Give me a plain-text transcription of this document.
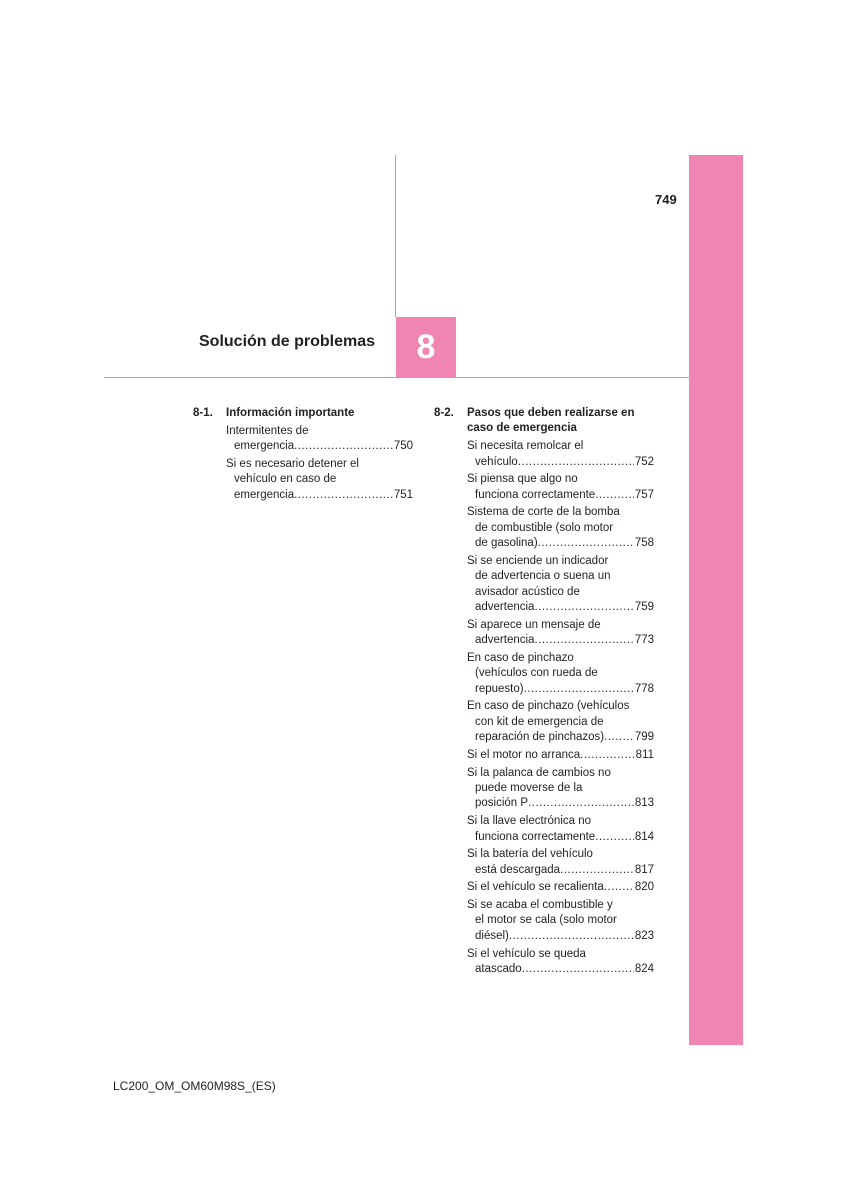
749
Solución de problemas 8
8-1.	Información importante
Intermitentes de
emergencia .....	750
Si es necesario detener el
vehículo en caso de
emergencia .....	751
8-2.	Pasos que deben realizarse en
caso de emergencia
Si necesita remolcar el
vehículo .....	752
Si piensa que algo no
funciona correctamente .....	757
Sistema de corte de la bomba
de combustible (solo motor
de gasolina) .....	758
Si se enciende un indicador
de advertencia o suena un
avisador acústico de
advertencia .....	759
Si aparece un mensaje de
advertencia .....	773
En caso de pinchazo
(vehículos con rueda de
repuesto) .....	778
En caso de pinchazo (vehículos
con kit de emergencia de
reparación de pinchazos) .....	799
Si el motor no arranca .....	811
Si la palanca de cambios no
puede moverse de la
posición P .....	813
Si la llave electrónica no
funciona correctamente .....	814
Si la batería del vehículo
está descargada .....	817
Si el vehículo se recalienta .....	820
Si se acaba el combustible y
el motor se cala (solo motor
diésel) .....	823
Si el vehículo se queda
atascado .....	824
LC200_OM_OM60M98S_(ES)
